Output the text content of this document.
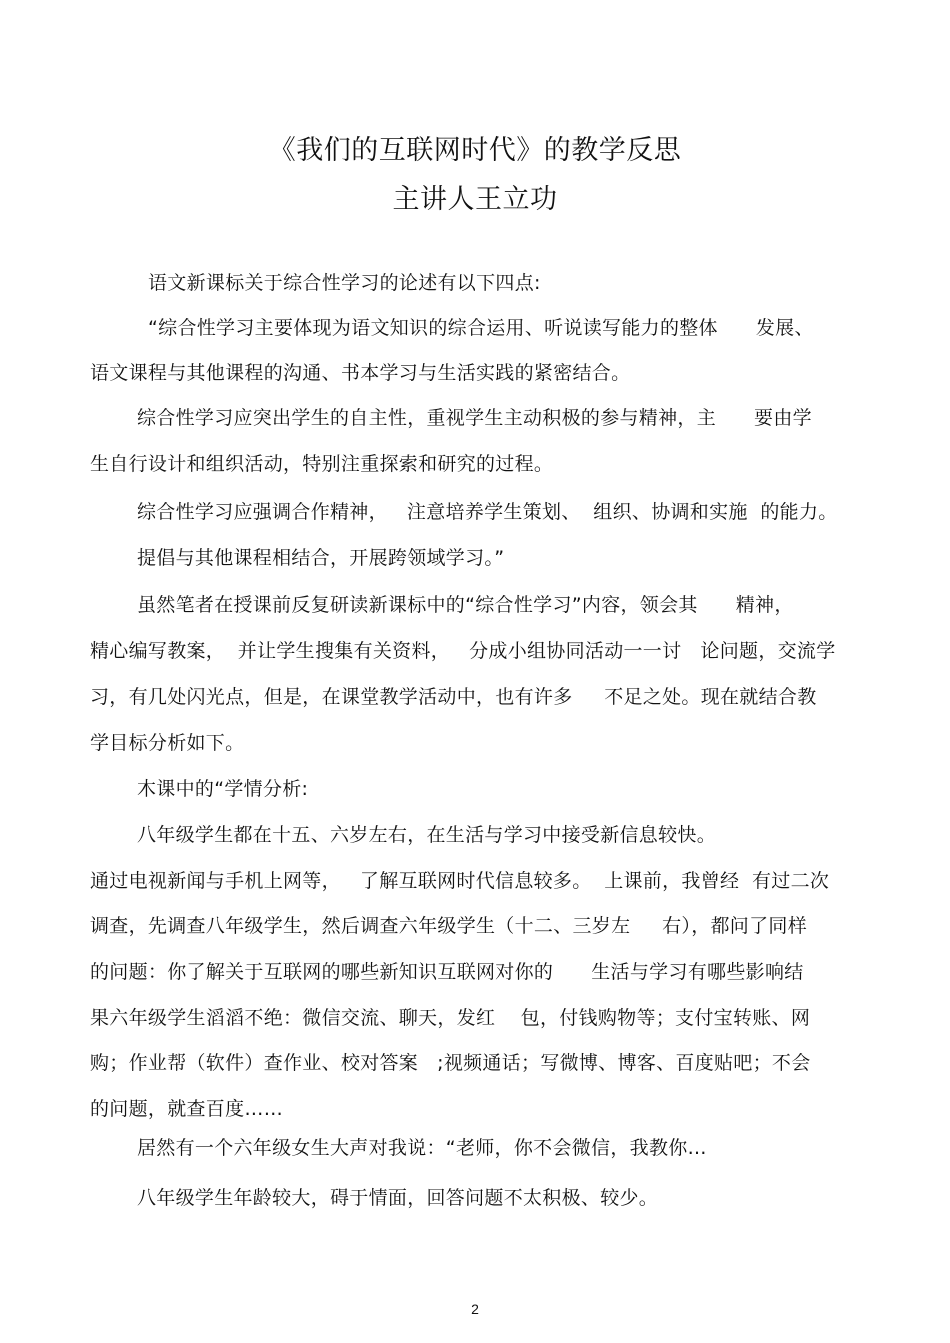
《我们的互联网时代》的教学反思
主讲人王立功
语文新课标关于综合性学习的论述有以下四点:
“综合性学习主要体现为语文知识的综合运用、听说读写能力的整体      发展、
语文课程与其他课程的沟通、书本学习与生活实践的紧密结合。
综合性学习应突出学生的自主性，重视学生主动积极的参与精神，主      要由学
生自行设计和组织活动，特别注重探索和研究的过程。
综合性学习应强调合作精神，   注意培养学生策划、  组织、协调和实施  的能力。
提倡与其他课程相结合，开展跨领域学习。”
虽然笔者在授课前反复研读新课标中的“综合性学习”内容，领会其      精神，
精心编写教案，  并让学生搜集有关资料，   分成小组协同活动一一讨   论问题，交流学
习，有几处闪光点，但是，在课堂教学活动中，也有许多     不足之处。现在就结合教
学目标分析如下。
木课中的“学情分析:
八年级学生都在十五、六岁左右，在生活与学习中接受新信息较快。
通过电视新闻与手机上网等，   了解互联网时代信息较多。  上课前，我曾经  有过二次
调查，先调查八年级学生，然后调查六年级学生（十二、三岁左     右），都问了同样
的问题：你了解关于互联网的哪些新知识互联网对你的      生活与学习有哪些影响结
果六年级学生滔滔不绝：微信交流、聊天，发红    包，付钱购物等；支付宝转账、网
购；作业帮（软件）查作业、校对答案   ;视频通话；写微博、博客、百度贴吧；不会
的问题，就查百度……
居然有一个六年级女生大声对我说：“老师，你不会微信，我教你…
八年级学生年龄较大，碍于情面，回答问题不太积极、较少。
2
